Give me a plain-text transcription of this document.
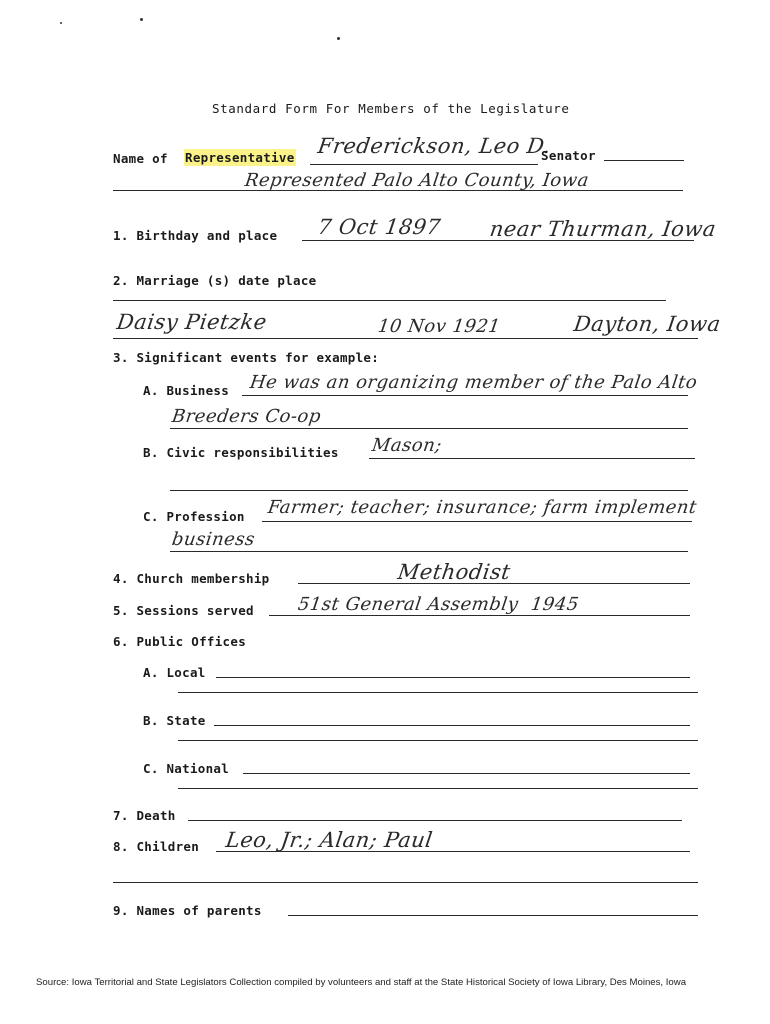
Standard Form For Members of the Legislature
Name of Representative Frederickson, Leo D.
Senator
Represented Palo Alto County, Iowa
1. Birthday and place 7 Oct 1897 near Thurman, Iowa
2. Marriage (s) date place
Daisy Pietzke	10 Nov 1921	Dayton, Iowa
3. Significant events for example:
A. Business He was an organizing member of the Palo Alto
Breeders Co-op
B. Civic responsibilities Mason;
C. Profession Farmer; teacher; insurance; farm implement
business
4. Church membership	Methodist
5. Sessions served 51st General Assembly 1945
6. Public Offices
A. Local
B. State
C. National
7. Death
8. Children Leo, Jr.; Alan; Paul
9. Names of parents
Source: Iowa Territorial and State Legislators Collection compiled by volunteers and staff at the State Historical Society of Iowa Library, Des Moines, Iowa
